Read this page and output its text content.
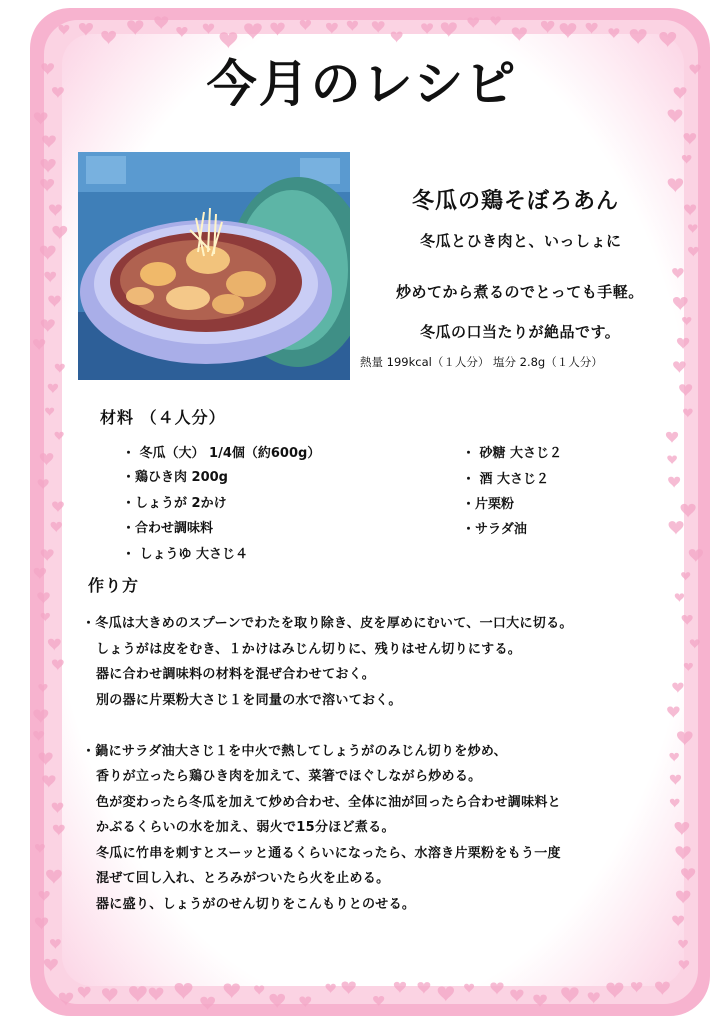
今月のレシピ
冬瓜の鶏そぼろあん
冬瓜とひき肉と、いっしょに
炒めてから煮るのでとっても手軽。
冬瓜の口当たりが絶品です。
熱量 199kcal（１人分） 塩分 2.8g（１人分）
材料 （４人分）
・ 冬瓜（大） 1/4個（約600g）
・鶏ひき肉 200g
・しょうが 2かけ
・合わせ調味料
・ しょうゆ 大さじ４
・ 砂糖 大さじ２
・ 酒 大さじ２
・片栗粉
・サラダ油
作り方
・冬瓜は大きめのスプーンでわたを取り除き、皮を厚めにむいて、一口大に切る。
しょうがは皮をむき、１かけはみじん切りに、残りはせん切りにする。
器に合わせ調味料の材料を混ぜ合わせておく。
別の器に片栗粉大さじ１を同量の水で溶いておく。
・鍋にサラダ油大さじ１を中火で熱してしょうがのみじん切りを炒め、
香りが立ったら鶏ひき肉を加えて、菜箸でほぐしながら炒める。
色が変わったら冬瓜を加えて炒め合わせ、全体に油が回ったら合わせ調味料と
かぶるくらいの水を加え、弱火で15分ほど煮る。
冬瓜に竹串を刺すとスーッと通るくらいになったら、水溶き片栗粉をもう一度
混ぜて回し入れ、とろみがついたら火を止める。
器に盛り、しょうがのせん切りをこんもりとのせる。
